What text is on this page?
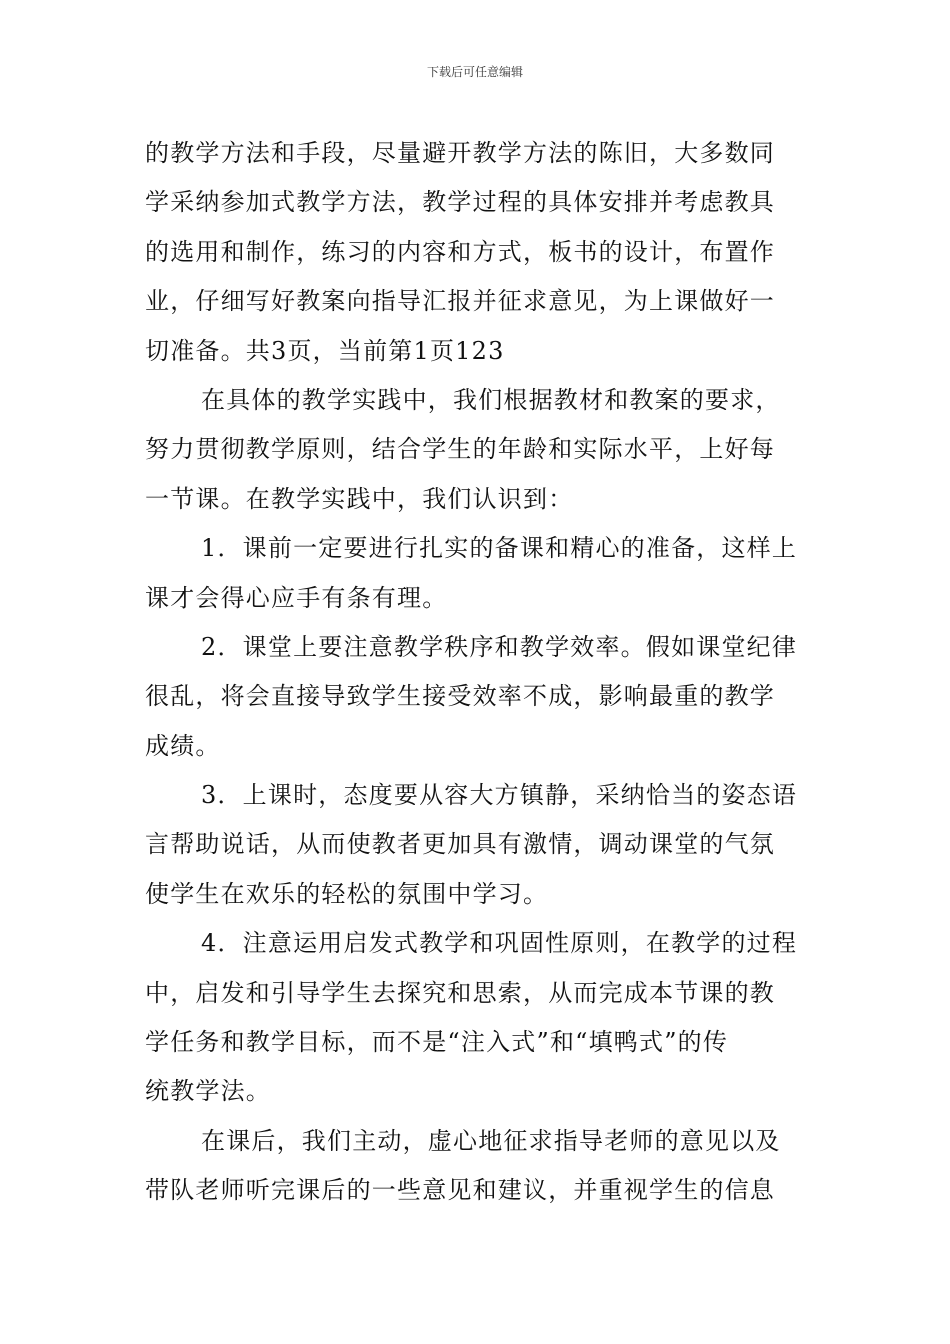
下载后可任意编辑
的教学方法和手段，尽量避开教学方法的陈旧，大多数同
学采纳参加式教学方法，教学过程的具体安排并考虑教具
的选用和制作，练习的内容和方式，板书的设计，布置作
业，仔细写好教案向指导汇报并征求意见，为上课做好一
切准备。共3页，当前第1页123
在具体的教学实践中，我们根据教材和教案的要求，
努力贯彻教学原则，结合学生的年龄和实际水平，上好每
一节课。在教学实践中，我们认识到：
1．课前一定要进行扎实的备课和精心的准备，这样上
课才会得心应手有条有理。
2．课堂上要注意教学秩序和教学效率。假如课堂纪律
很乱，将会直接导致学生接受效率不成，影响最重的教学
成绩。
3．上课时，态度要从容大方镇静，采纳恰当的姿态语
言帮助说话，从而使教者更加具有激情，调动课堂的气氛
使学生在欢乐的轻松的氛围中学习。
4．注意运用启发式教学和巩固性原则，在教学的过程
中，启发和引导学生去探究和思索，从而完成本节课的教
学任务和教学目标，而不是“注入式”和“填鸭式”的传
统教学法。
在课后，我们主动，虚心地征求指导老师的意见以及
带队老师听完课后的一些意见和建议，并重视学生的信息
